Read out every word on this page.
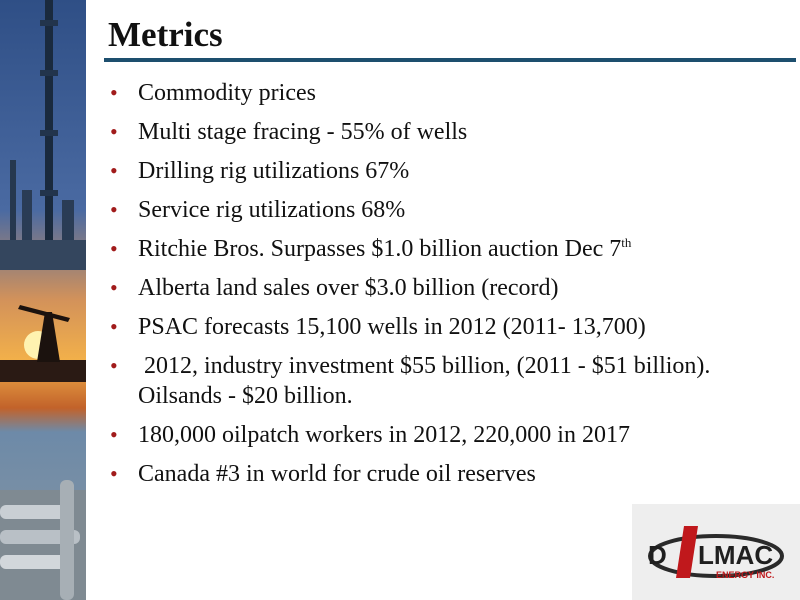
Metrics
• Commodity prices
• Multi stage fracing - 55% of wells
• Drilling rig utilizations 67%
• Service rig utilizations 68%
• Ritchie Bros. Surpasses $1.0 billion auction Dec 7th
• Alberta land sales over $3.0 billion (record)
• PSAC forecasts 15,100 wells in 2012 (2011- 13,700)
• 2012, industry investment $55 billion, (2011 - $51 billion). Oilsands - $20 billion.
• 180,000 oilpatch workers in 2012, 220,000 in 2017
• Canada #3 in world for crude oil reserves
D LMAC
ENERGY INC.
